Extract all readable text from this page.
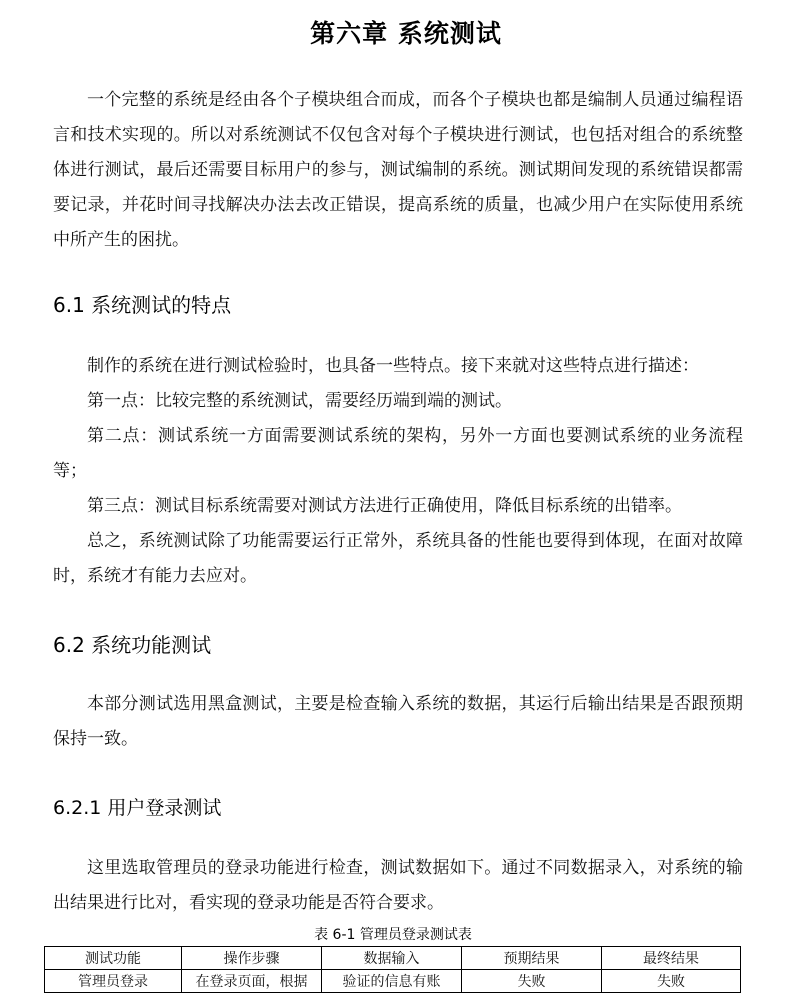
第六章 系统测试

一个完整的系统是经由各个子模块组合而成，而各个子模块也都是编制人员通过编程语言和技术实现的。所以对系统测试不仅包含对每个子模块进行测试，也包括对组合的系统整体进行测试，最后还需要目标用户的参与，测试编制的系统。测试期间发现的系统错误都需要记录，并花时间寻找解决办法去改正错误，提高系统的质量，也减少用户在实际使用系统中所产生的困扰。

6.1 系统测试的特点

制作的系统在进行测试检验时，也具备一些特点。接下来就对这些特点进行描述：

第一点：比较完整的系统测试，需要经历端到端的测试。

第二点：测试系统一方面需要测试系统的架构，另外一方面也要测试系统的业务流程等；

第三点：测试目标系统需要对测试方法进行正确使用，降低目标系统的出错率。

总之，系统测试除了功能需要运行正常外，系统具备的性能也要得到体现，在面对故障时，系统才有能力去应对。

6.2 系统功能测试

本部分测试选用黑盒测试，主要是检查输入系统的数据，其运行后输出结果是否跟预期保持一致。

6.2.1 用户登录测试

这里选取管理员的登录功能进行检查，测试数据如下。通过不同数据录入，对系统的输出结果进行比对，看实现的登录功能是否符合要求。

表 6-1 管理员登录测试表
测试功能	操作步骤	数据输入	预期结果	最终结果
管理员登录	在登录页面，根据	验证的信息有账	失败	失败
